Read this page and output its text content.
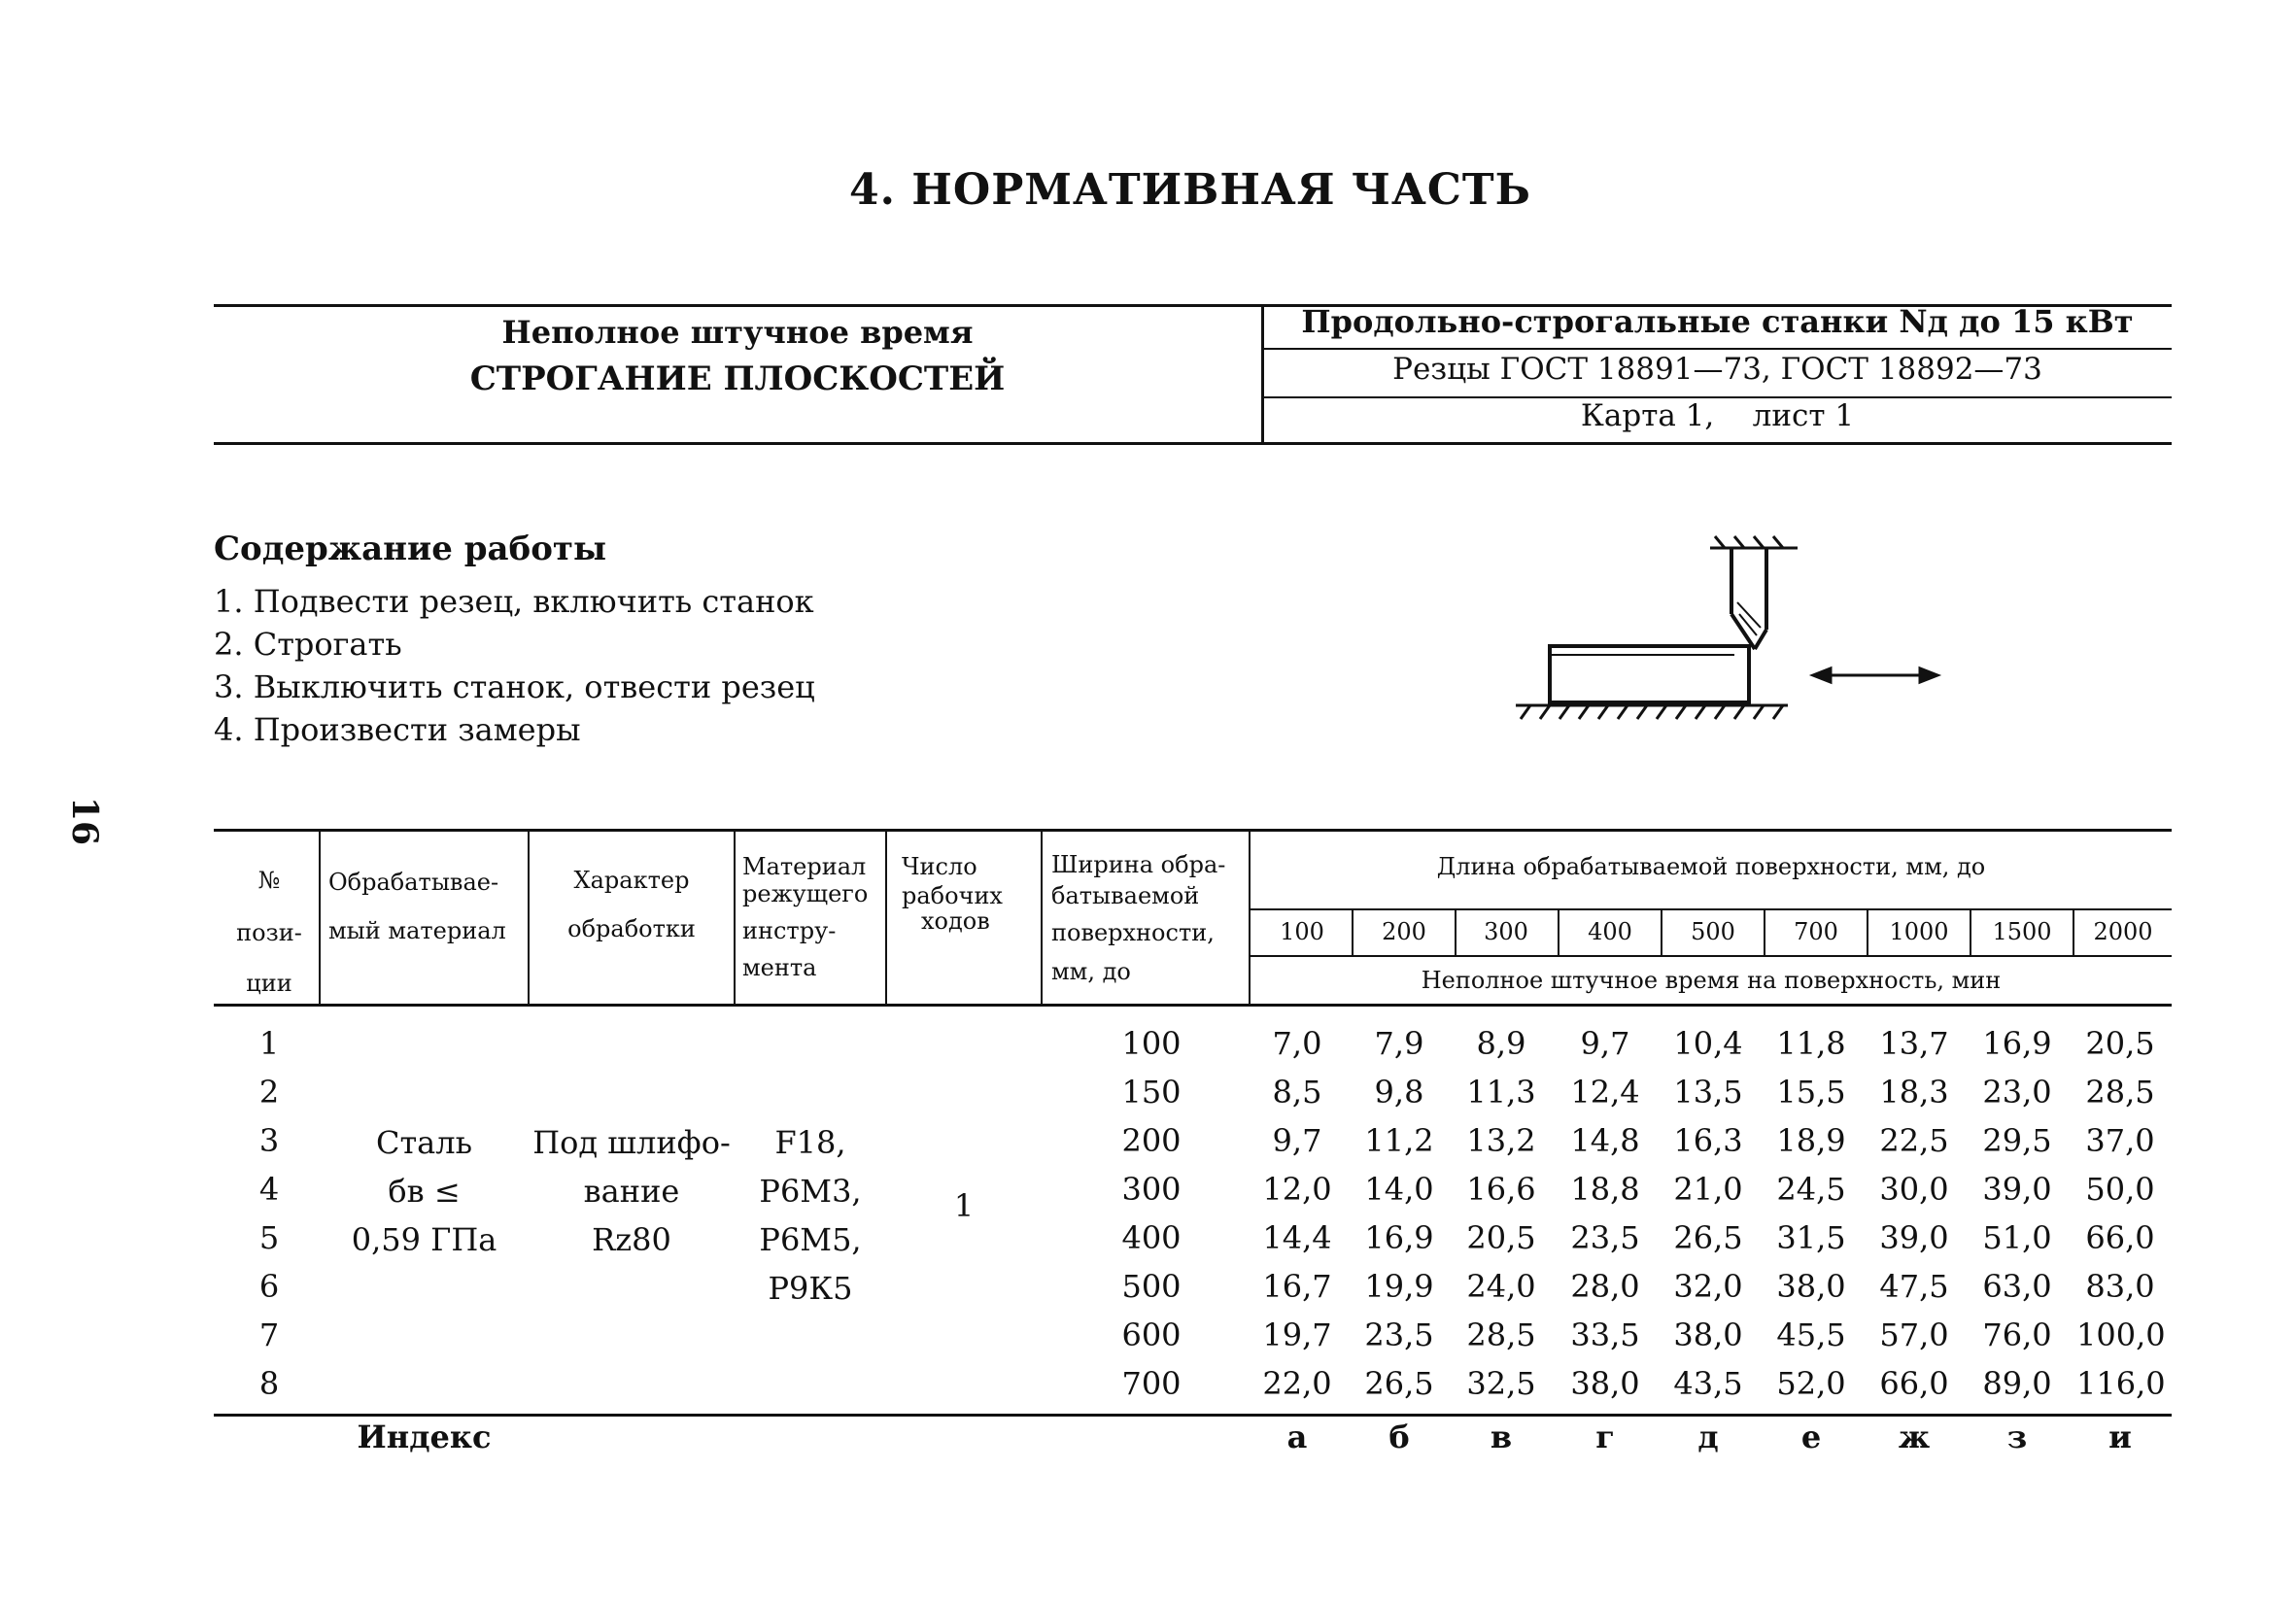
4. НОРМАТИВНАЯ ЧАСТЬ
Неполное штучное время
СТРОГАНИЕ ПЛОСКОСТЕЙ
Продольно-строгальные станки Nд до 15 кВт
Резцы ГОСТ 18891—73, ГОСТ 18892—73
Карта 1,    лист 1
Содержание работы
1. Подвести резец, включить станок
2. Строгать
3. Выключить станок, отвести резец
4. Произвести замеры
16
№
пози-
ции
Обрабатывае-
мый материал
Характер
обработки
Материал
режущего
инстру-
мента
Число
рабочих
ходов
Ширина обра-
батываемой
поверхности,
мм, до
Длина обрабатываемой поверхности, мм, до
Неполное штучное время на поверхность, мин
100	200	300	400	500	700	1000	1500	2000
Сталь
бв ≤
0,59 ГПа
Под шлифо-
вание
Rz80
F18,
Р6М3,
Р6М5,
Р9К5
1
1	100	7,0	7,9	8,9	9,7	10,4 11,8 13,7 16,9 20,5
2	150	8,5	9,8	11,3 12,4 13,5 15,5 18,3 23,0 28,5
3	200	9,7	11,2 13,2 14,8 16,3 18,9 22,5 29,5 37,0
4	300	12,0 14,0 16,6 18,8 21,0 24,5 30,0 39,0 50,0
5	400	14,4 16,9 20,5 23,5 26,5 31,5 39,0 51,0 66,0
6	500	16,7 19,9 24,0 28,0 32,0 38,0 47,5 63,0 83,0
7	600	19,7 23,5 28,5 33,5 38,0 45,5 57,0 76,0 100,0
8	700	22,0 26,5 32,5 38,0 43,5 52,0 66,0 89,0 116,0
Индекс	а	б	в	г	д	е	ж	з	и
